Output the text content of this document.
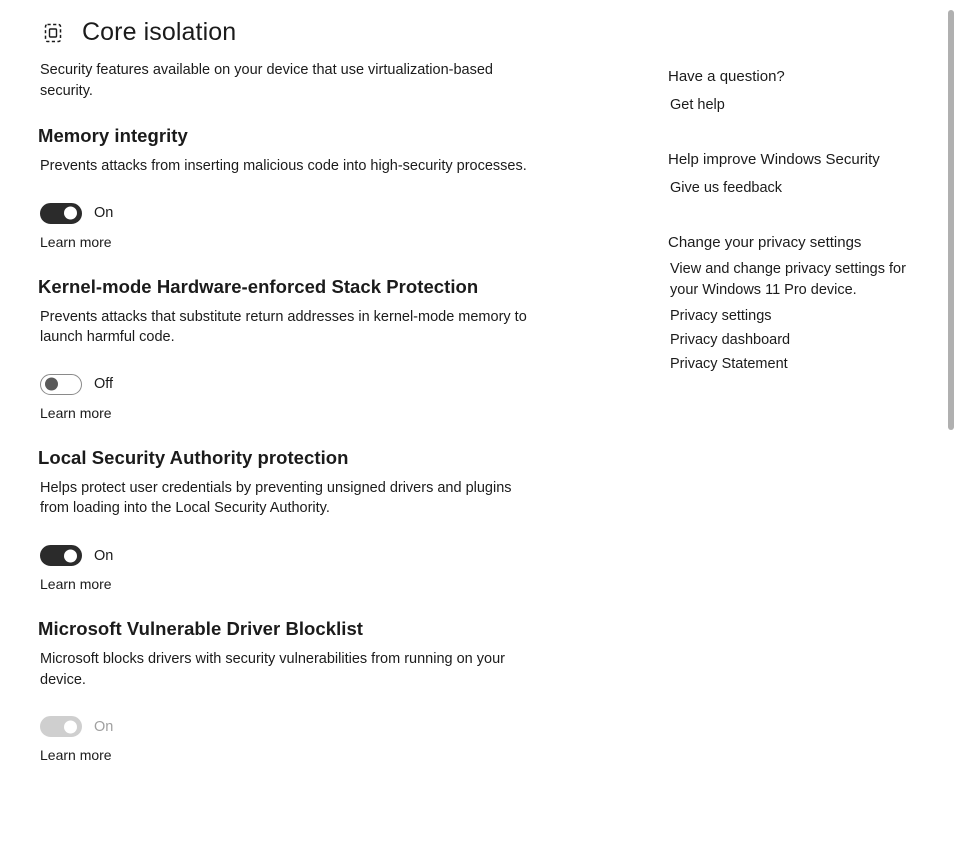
Core isolation

Security features available on your device that use virtualization-based security.

Memory integrity

Prevents attacks from inserting malicious code into high-security processes.

On
Learn more
Kernel-mode Hardware-enforced Stack Protection

Prevents attacks that substitute return addresses in kernel-mode memory to launch harmful code.

Off
Learn more
Local Security Authority protection

Helps protect user credentials by preventing unsigned drivers and plugins from loading into the Local Security Authority.

On
Learn more
Microsoft Vulnerable Driver Blocklist

Microsoft blocks drivers with security vulnerabilities from running on your device.

On
Learn more
Have a question?
Get help
Help improve Windows Security
Give us feedback
Change your privacy settings

View and change privacy settings for your Windows 11 Pro device.

Privacy settings
Privacy dashboard
Privacy Statement
